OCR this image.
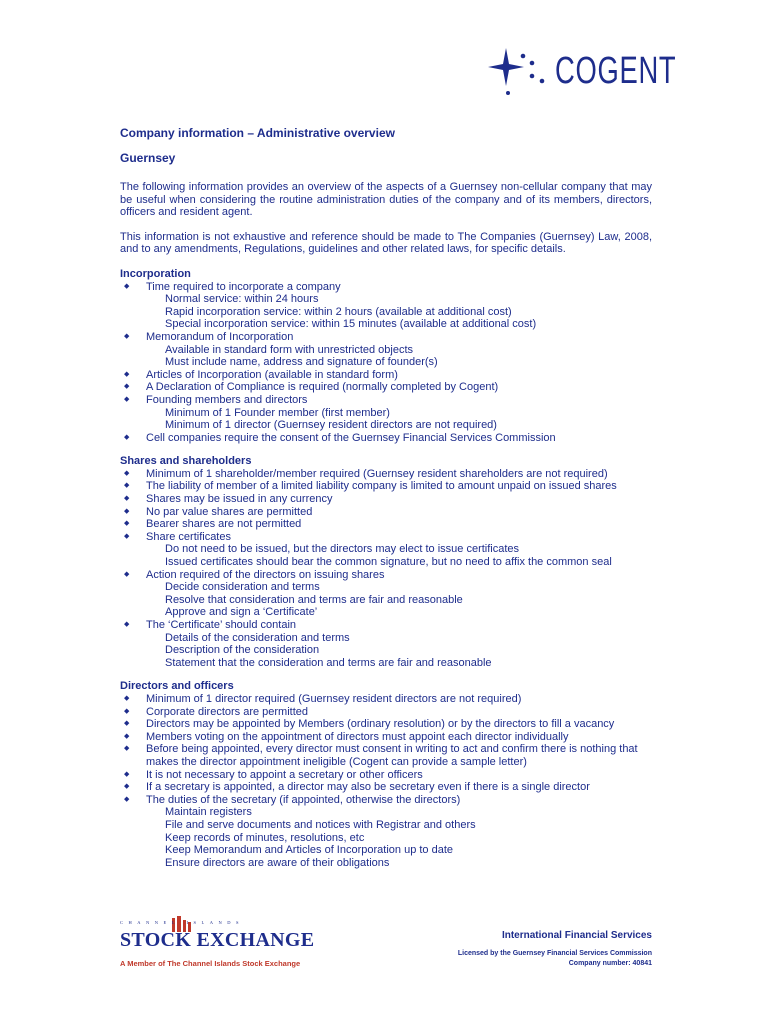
COGENT
Company information – Administrative overview
Guernsey

The following information provides an overview of the aspects of a Guernsey non-cellular company that may be useful when considering the routine administration duties of the company and of its members, directors, officers and resident agent.

This information is not exhaustive and reference should be made to The Companies (Guernsey) Law, 2008, and to any amendments, Regulations, guidelines and other related laws, for specific details.

Incorporation
◆ Time required to incorporate a company
Normal service: within 24 hours
Rapid incorporation service: within 2 hours (available at additional cost)
Special incorporation service: within 15 minutes (available at additional cost)
◆ Memorandum of Incorporation
Available in standard form with unrestricted objects
Must include name, address and signature of founder(s)
◆ Articles of Incorporation (available in standard form)
◆ A Declaration of Compliance is required (normally completed by Cogent)
◆ Founding members and directors
Minimum of 1 Founder member (first member)
Minimum of 1 director (Guernsey resident directors are not required)
◆ Cell companies require the consent of the Guernsey Financial Services Commission
Shares and shareholders
◆ Minimum of 1 shareholder/member required (Guernsey resident shareholders are not required)
◆ The liability of member of a limited liability company is limited to amount unpaid on issued shares
◆ Shares may be issued in any currency
◆ No par value shares are permitted
◆ Bearer shares are not permitted
◆ Share certificates
Do not need to be issued, but the directors may elect to issue certificates
Issued certificates should bear the common signature, but no need to affix the common seal
◆ Action required of the directors on issuing shares
Decide consideration and terms
Resolve that consideration and terms are fair and reasonable
Approve and sign a ‘Certificate’
◆ The ‘Certificate’ should contain
Details of the consideration and terms
Description of the consideration
Statement that the consideration and terms are fair and reasonable
Directors and officers
◆ Minimum of 1 director required (Guernsey resident directors are not required)
◆ Corporate directors are permitted
◆ Directors may be appointed by Members (ordinary resolution) or by the directors to fill a vacancy
◆ Members voting on the appointment of directors must appoint each director individually
◆ Before being appointed, every director must consent in writing to act and confirm there is nothing that makes the director appointment ineligible (Cogent can provide a sample letter)
◆ It is not necessary to appoint a secretary or other officers
◆ If a secretary is appointed, a director may also be secretary even if there is a single director
◆ The duties of the secretary (if appointed, otherwise the directors)
Maintain registers
File and serve documents and notices with Registrar and others
Keep records of minutes, resolutions, etc
Keep Memorandum and Articles of Incorporation up to date
Ensure directors are aware of their obligations
CHANNEL ISLANDS
STOCK EXCHANGE
A Member of The Channel Islands Stock Exchange
International Financial Services
Licensed by the Guernsey Financial Services Commission
Company number: 40841
